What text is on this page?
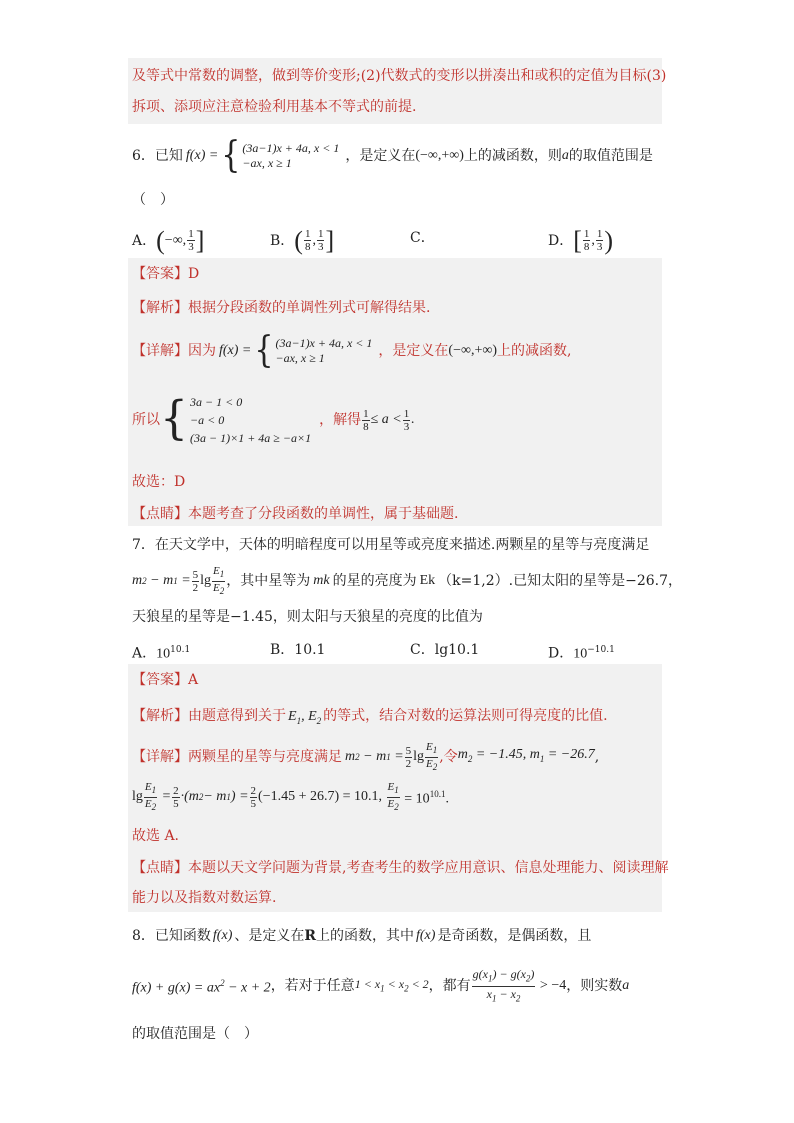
及等式中常数的调整，做到等价变形;(2)代数式的变形以拼凑出和或积的定值为目标(3)
拆项、添项应注意检验利用基本不等式的前提.
6．已知 f(x) = { (3a−1)x + 4a, x < 1
−ax, x ≥ 1	，是定义在 (−∞,+∞) 上的减函数，则 a 的取值范围是
（　）
A． ( −∞, $\frac{1}{3}$ ]	B． ( $\frac{1}{8}$ , $\frac{1}{3}$ ]	C．	D． [ $\frac{1}{8}$ , $\frac{1}{3}$ )
【答案】D
【解析】根据分段函数的单调性列式可解得结果.
【详解】 因为 f(x) = { (3a−1)x + 4a, x < 1
−ax, x ≥ 1	，是定义在 (−∞,+∞) 上的减函数,
所以 { 3a − 1 < 0
−a < 0
(3a − 1)×1 + 4a ≥ −a×1
，解得 $\frac{1}{8} \le a < \frac{1}{3}$ .
故选：D
【点睛】本题考查了分段函数的单调性，属于基础题.
7．在天文学中，天体的明暗程度可以用星等或亮度来描述.两颗星的星等与亮度满足
m 2 − m $1 = \frac{5}{2}$ $\lg \frac{E_1}{E_2}$ ，其中星等为 mk 的星的亮度为 Ek （k=1,2） .已知太阳的星等是−26.7，
天狼星的星等是−1.45，则太阳与天狼星的亮度的比值为
A．$10^{10.1}$	B．10.1	C．lg10.1	D．$10^{-10.1}$
【答案】A
【解析】由题意得到关于 $E_1$, $E_2$ 的等式，结合对数的运算法则可得亮度的比值.
【详解】 两颗星的星等与亮度满足 m 2 − m $1 = \frac{5}{2}$ $\lg \frac{E_1}{E_2}$ ,令 $m_2 = -1.45$, $m_1 = -26.7$ ,
$\lg \frac{E_1}{E_2} = \frac{2}{5} \cdot(m$ 2 − m 1 ) = $\frac{2}{5} (-1.45 + 26.7) = 10.1$,
$\frac{E_1}{E_2}$
= $10^{10.1}$.
故选 A.
【点睛】本题以天文学问题为背景,考查考生的数学应用意识、信息处理能力、阅读理解
能力以及指数对数运算.
8．已知函数 f(x) 、是定义在 R 上的函数，其中 f(x) 是奇函数，是偶函数，且
$f(x) + g(x) = ax^2 - x + 2$ ，若对于任意 $1 < x_1 < x_2 < 2$ ，都有 $\frac{g(x_1) - g(x_2)}{x_1 - x_2} > -4$ ，则实数 a
的取值范围是（　）
